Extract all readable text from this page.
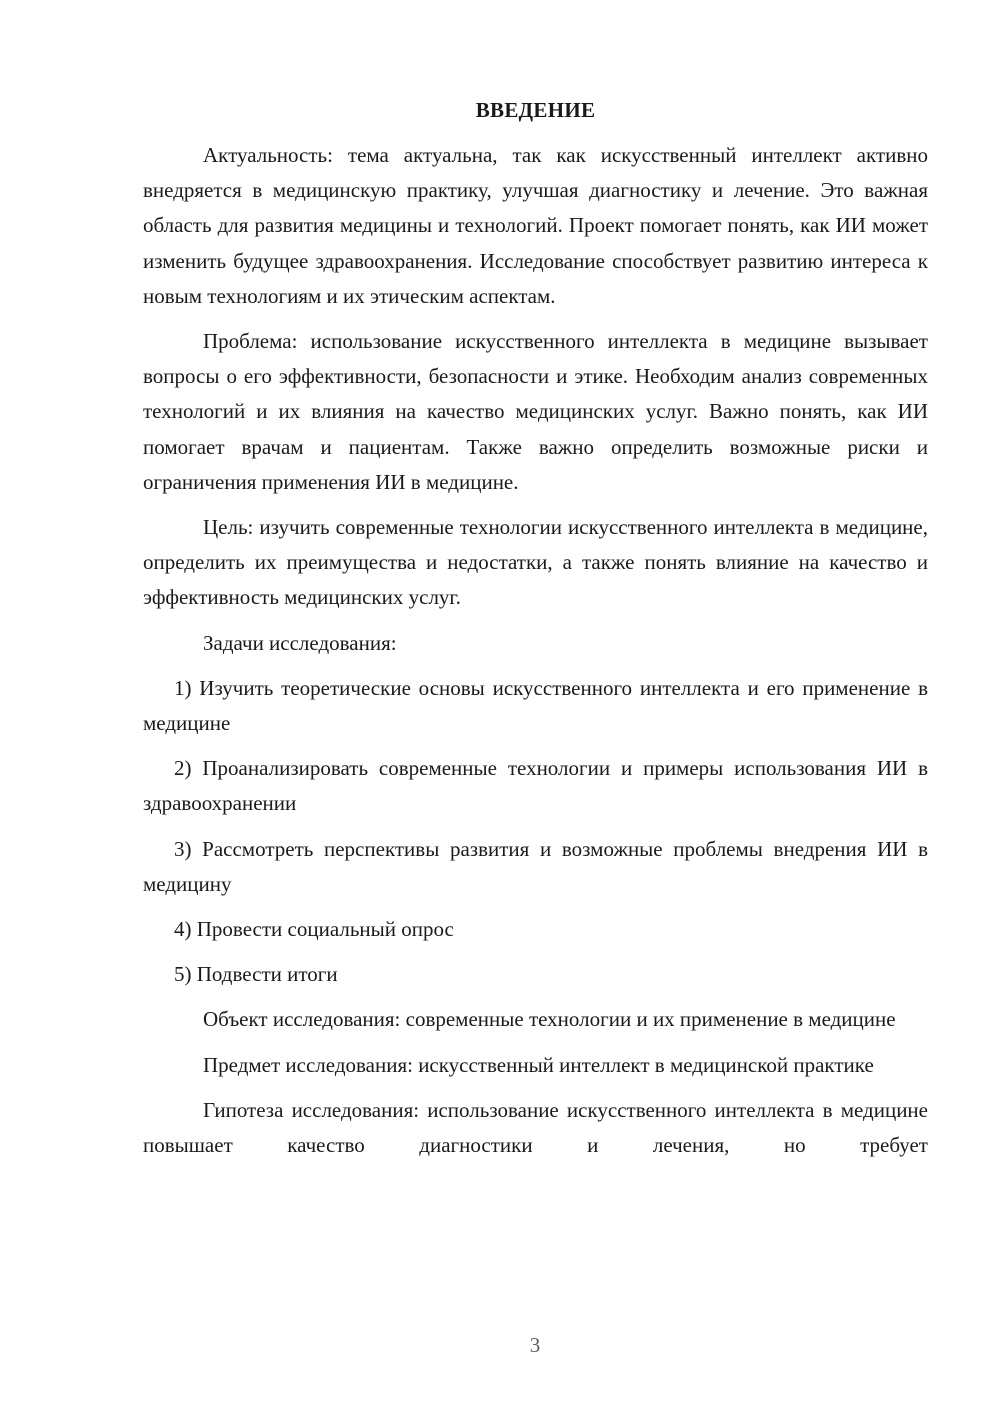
ВВЕДЕНИЕ

Актуальность: тема актуальна, так как искусственный интеллект активно внедряется в медицинскую практику, улучшая диагностику и лечение. Это важная область для развития медицины и технологий. Проект помогает понять, как ИИ может изменить будущее здравоохранения. Исследование способствует развитию интереса к новым технологиям и их этическим аспектам.

Проблема: использование искусственного интеллекта в медицине вызывает вопросы о его эффективности, безопасности и этике. Необходим анализ современных технологий и их влияния на качество медицинских услуг. Важно понять, как ИИ помогает врачам и пациентам. Также важно определить возможные риски и ограничения применения ИИ в медицине.

Цель: изучить современные технологии искусственного интеллекта в медицине, определить их преимущества и недостатки, а также понять влияние на качество и эффективность медицинских услуг.

Задачи исследования:

1) Изучить теоретические основы искусственного интеллекта и его применение в медицине

2) Проанализировать современные технологии и примеры использования ИИ в здравоохранении

3) Рассмотреть перспективы развития и возможные проблемы внедрения ИИ в медицину

4) Провести социальный опрос

5) Подвести итоги

Объект исследования: современные технологии и их применение в медицине

Предмет исследования: искусственный интеллект в медицинской практике

Гипотеза исследования: использование искусственного интеллекта в медицине повышает качество диагностики и лечения, но требует

3
